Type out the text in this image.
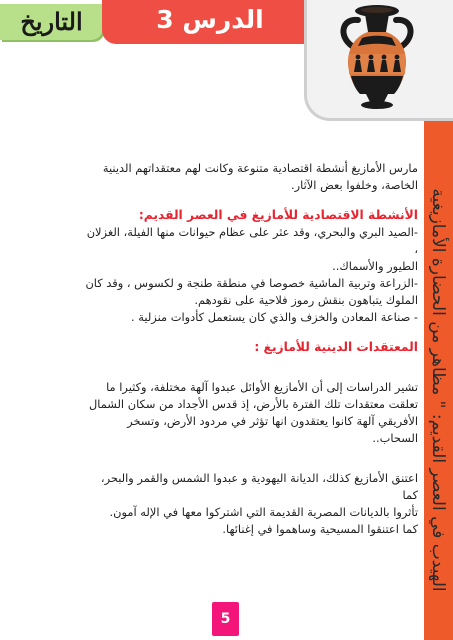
الهيدب في العصر القديم: " مظاهر من الحضارة الأمازيغية
التاريخ	الدرس 3

مارس الأمازيغ أنشطة اقتصادية متنوعة وكانت لهم معتقداتهم الدينية

الخاصة، وخلفوا بعض الآثار.

الأنشطة الاقتصادية للأمازيغ في العصر القديم:

-الصيد البري والبحري، وقد عثر على عظام حيوانات منها الفيلة، الغزلان ،

الطيور والأسماك..

-الزراعة وتربية الماشية خصوصا في منطقة طنجة و لكسوس ، وقد كان

الملوك يتباهون بنقش رموز فلاحية على نقودهم.

- صناعة المعادن والخزف والذي كان يستعمل كأدوات منزلية .

المعتقدات الدينية للأمازيغ :

تشير الدراسات إلى أن الأمازيغ الأوائل عبدوا آلهة مختلفة، وكثيرا ما

تعلقت معتقدات تلك الفترة بالأرض، إذ قدس الأجداد من سكان الشمال

الأفريقي آلهة كانوا يعتقدون انها تؤثر في مردود الأرض، وتسخر

السحاب..

اعتنق الأمازيغ كذلك، الديانة اليهودية و عبدوا الشمس والقمر والبحر، كما

تأثروا بالديانات المصرية القديمة التي اشتركوا معها في الإله آمون.

كما اعتنقوا المسيحية وساهموا في إغنائها.

5
